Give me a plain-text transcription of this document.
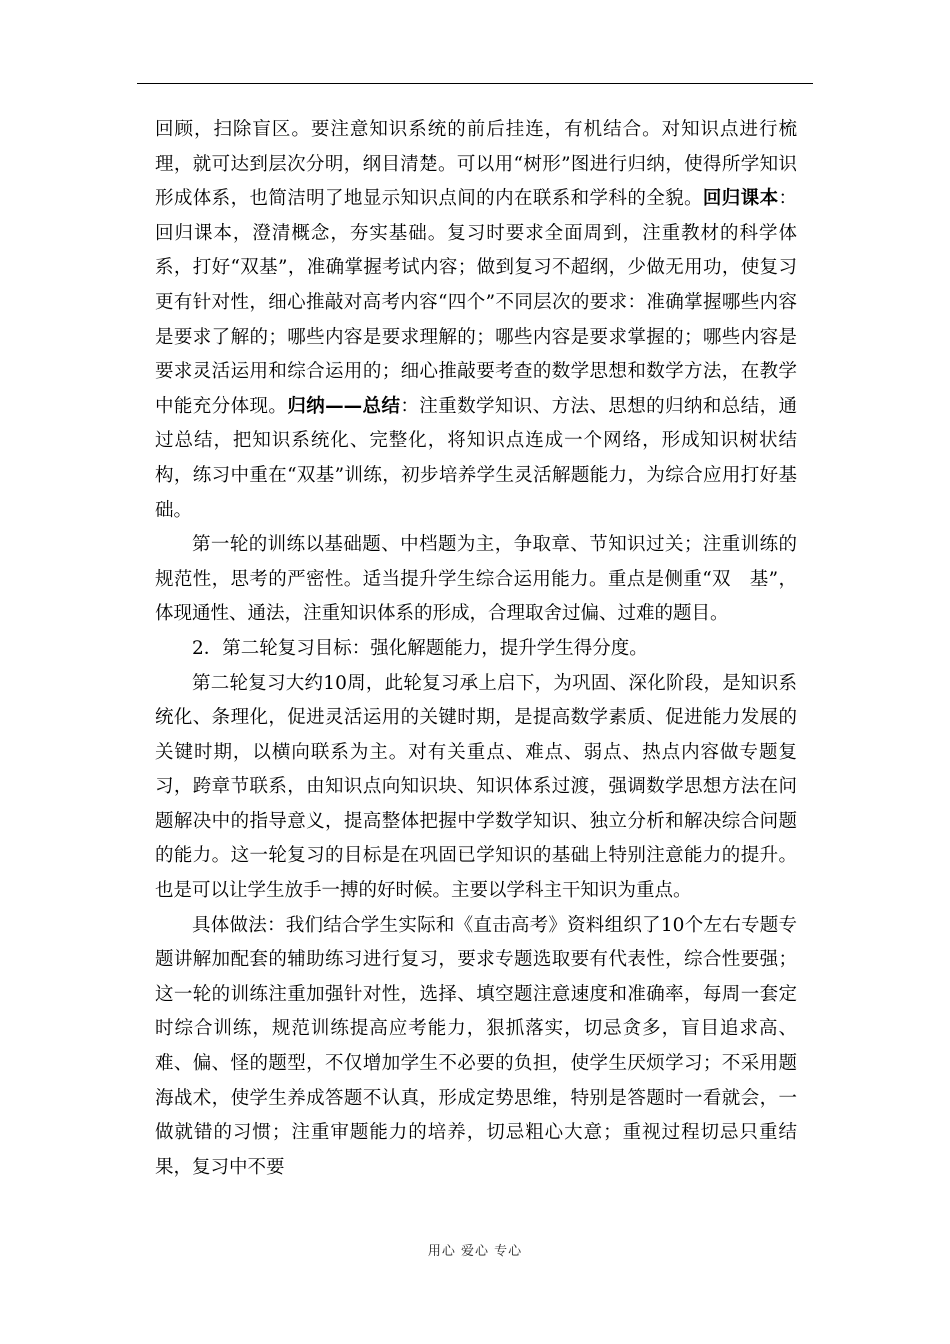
回顾，扫除盲区。要注意知识系统的前后挂连，有机结合。对知识点进行梳理，就可达到层次分明，纲目清楚。可以用“树形”图进行归纳，使得所学知识形成体系，也简洁明了地显示知识点间的内在联系和学科的全貌。回归课本：回归课本，澄清概念，夯实基础。复习时要求全面周到，注重教材的科学体系，打好“双基”，准确掌握考试内容；做到复习不超纲，少做无用功，使复习更有针对性，细心推敲对高考内容“四个”不同层次的要求：准确掌握哪些内容是要求了解的；哪些内容是要求理解的；哪些内容是要求掌握的；哪些内容是要求灵活运用和综合运用的；细心推敲要考查的数学思想和数学方法，在教学中能充分体现。归纳——总结：注重数学知识、方法、思想的归纳和总结，通过总结，把知识系统化、完整化，将知识点连成一个网络，形成知识树状结构，练习中重在“双基”训练，初步培养学生灵活解题能力，为综合应用打好基础。

第一轮的训练以基础题、中档题为主，争取章、节知识过关；注重训练的规范性，思考的严密性。适当提升学生综合运用能力。重点是侧重“双　基”，体现通性、通法，注重知识体系的形成，合理取舍过偏、过难的题目。

2．第二轮复习目标：强化解题能力，提升学生得分度。

第二轮复习大约10周，此轮复习承上启下，为巩固、深化阶段，是知识系统化、条理化，促进灵活运用的关键时期，是提高数学素质、促进能力发展的关键时期，以横向联系为主。对有关重点、难点、弱点、热点内容做专题复习，跨章节联系，由知识点向知识块、知识体系过渡，强调数学思想方法在问题解决中的指导意义，提高整体把握中学数学知识、独立分析和解决综合问题的能力。这一轮复习的目标是在巩固已学知识的基础上特别注意能力的提升。也是可以让学生放手一搏的好时候。主要以学科主干知识为重点。

具体做法：我们结合学生实际和《直击高考》资料组织了10个左右专题专题讲解加配套的辅助练习进行复习，要求专题选取要有代表性，综合性要强；这一轮的训练注重加强针对性，选择、填空题注意速度和准确率，每周一套定时综合训练，规范训练提高应考能力，狠抓落实，切忌贪多，盲目追求高、难、偏、怪的题型，不仅增加学生不必要的负担，使学生厌烦学习；不采用题海战术，使学生养成答题不认真，形成定势思维，特别是答题时一看就会，一做就错的习惯；注重审题能力的培养，切忌粗心大意；重视过程切忌只重结果，复习中不要

用心 爱心 专心
